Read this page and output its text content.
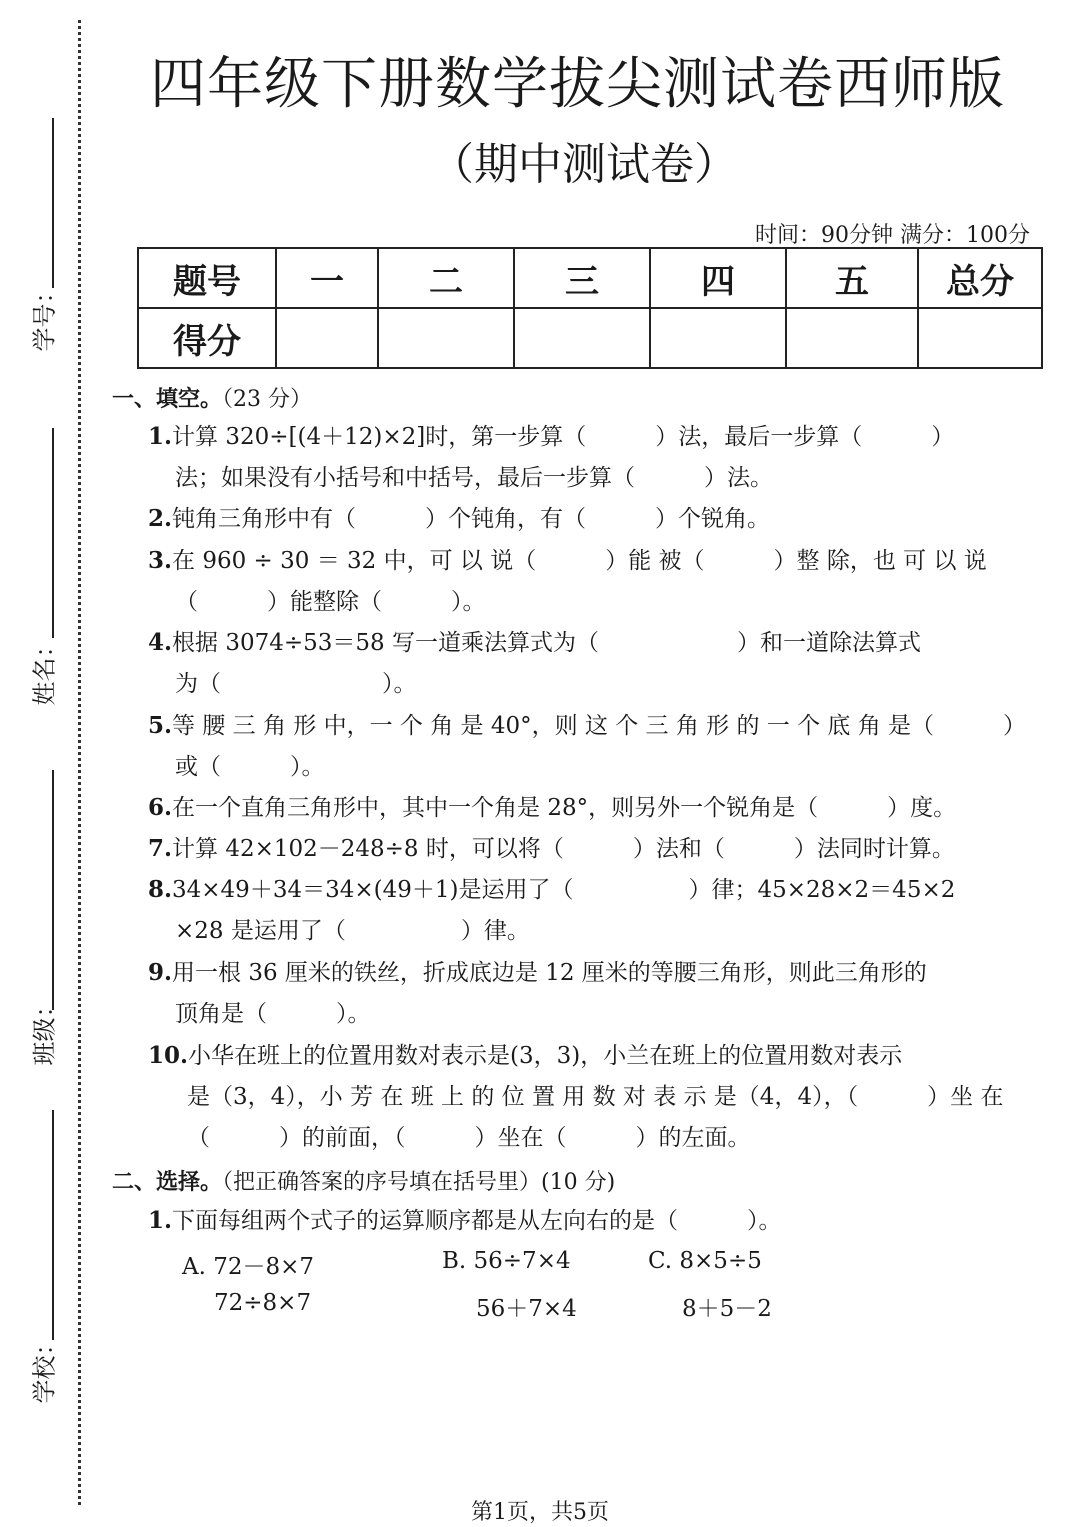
学号：
姓名：
班级：
学校：
四年级下册数学拔尖测试卷西师版
（期中测试卷）
时间：90分钟 满分：100分
题号	一	二	三	四	五	总分
得分						
一、填空。（23 分）
1.计算 320÷[(4＋12)×2]时，第一步算（　　　）法，最后一步算（　　　）
法；如果没有小括号和中括号，最后一步算（　　　）法。
2.钝角三角形中有（　　　）个钝角，有（　　　）个锐角。
3.在 960 ÷ 30 ＝ 32 中，可 以 说（　　　）能 被（　　　）整 除，也 可 以 说
（　　　）能整除（　　　）。
4.根据 3074÷53＝58 写一道乘法算式为（　　　　　　）和一道除法算式
为（　　　　　　　）。
5.等 腰 三 角 形 中，一 个 角 是 40°，则 这 个 三 角 形 的 一 个 底 角 是（　　　）
或（　　　）。
6.在一个直角三角形中，其中一个角是 28°，则另外一个锐角是（　　　）度。
7.计算 42×102－248÷8 时，可以将（　　　）法和（　　　）法同时计算。
8.34×49＋34＝34×(49＋1)是运用了（　　　　　）律；45×28×2＝45×2
×28 是运用了（　　　　　）律。
9.用一根 36 厘米的铁丝，折成底边是 12 厘米的等腰三角形，则此三角形的
顶角是（　　　）。
10.小华在班上的位置用数对表示是(3，3)，小兰在班上的位置用数对表示
是（3，4），小 芳 在 班 上 的 位 置 用 数 对 表 示 是（4，4），（　　　）坐 在
（　　　）的前面，（　　　）坐在（　　　）的左面。
二、选择。（把正确答案的序号填在括号里）(10 分)
1.下面每组两个式子的运算顺序都是从左向右的是（　　　）。
A. 72－8×7
72÷8×7
B. 56÷7×4
56＋7×4
C. 8×5÷5
8＋5－2
第1页，共5页
